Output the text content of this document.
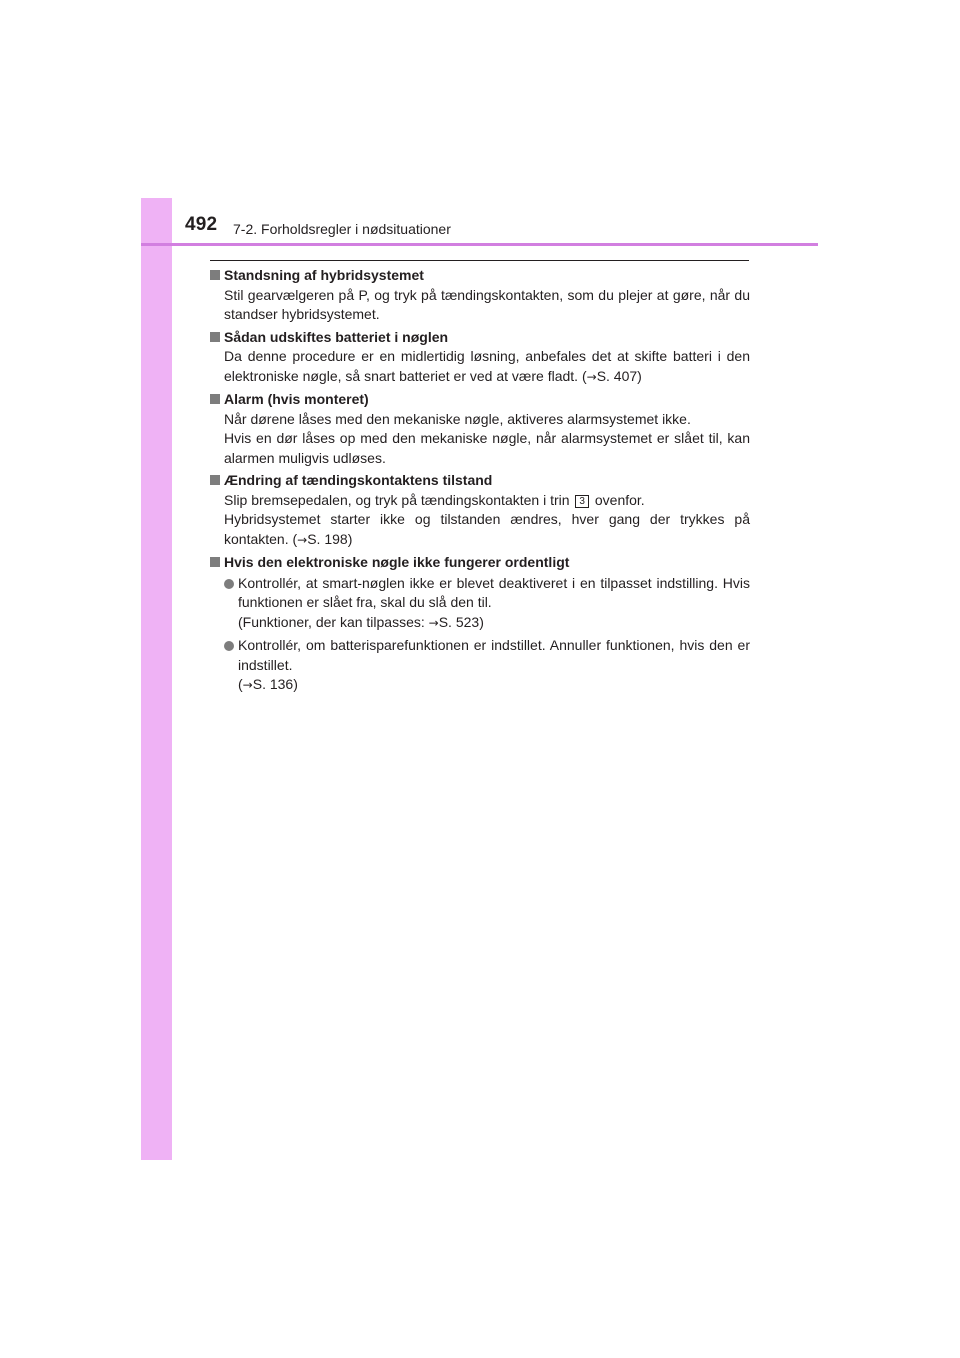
492 7-2. Forholdsregler i nødsituationer
Standsning af hybridsystemet
Stil gearvælgeren på P, og tryk på tændingskontakten, som du plejer at gøre, når du standser hybridsystemet.
Sådan udskiftes batteriet i nøglen
Da denne procedure er en midlertidig løsning, anbefales det at skifte batteri i den elektroniske nøgle, så snart batteriet er ved at være fladt. (→S. 407)
Alarm (hvis monteret)
Når dørene låses med den mekaniske nøgle, aktiveres alarmsystemet ikke.
Hvis en dør låses op med den mekaniske nøgle, når alarmsystemet er slået til, kan alarmen muligvis udløses.
Ændring af tændingskontaktens tilstand
Slip bremsepedalen, og tryk på tændingskontakten i trin 3 ovenfor.
Hybridsystemet starter ikke og tilstanden ændres, hver gang der trykkes på kontakten. (→S. 198)
Hvis den elektroniske nøgle ikke fungerer ordentligt
Kontrollér, at smart-nøglen ikke er blevet deaktiveret i en tilpasset indstilling. Hvis funktionen er slået fra, skal du slå den til.
(Funktioner, der kan tilpasses: →S. 523)
Kontrollér, om batterisparefunktionen er indstillet. Annuller funktionen, hvis den er indstillet.
(→S. 136)
